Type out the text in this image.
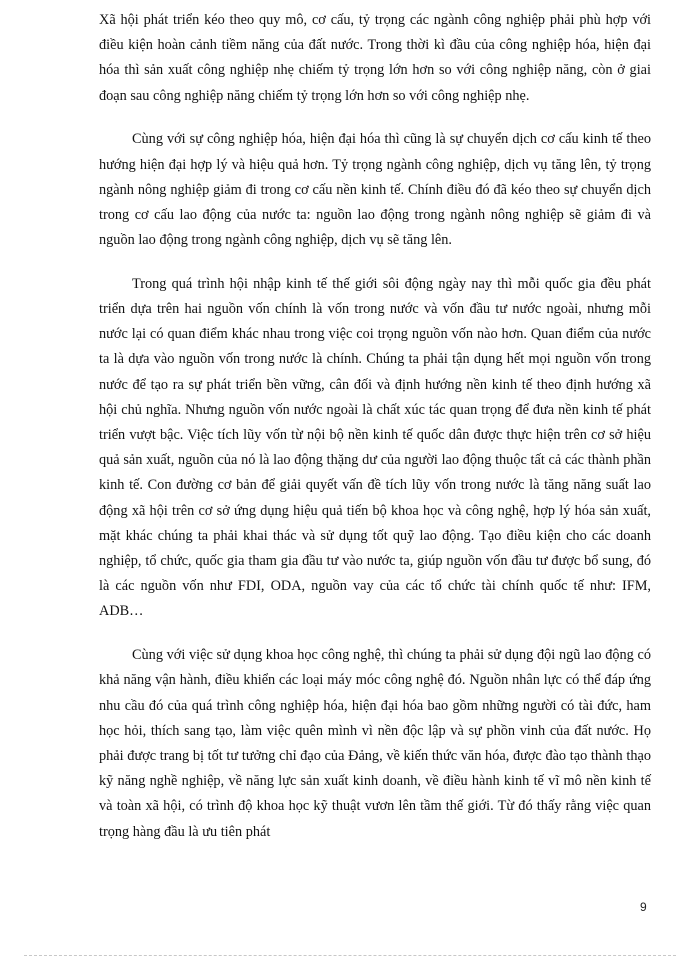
Xã hội phát triển kéo theo quy mô, cơ cấu, tỷ trọng các ngành công nghiệp phải phù hợp với điều kiện hoàn cảnh tiềm năng của đất nước. Trong thời kì đầu của công nghiệp hóa, hiện đại hóa thì sản xuất công nghiệp nhẹ chiếm tỷ trọng lớn hơn so với công nghiệp năng, còn ở giai đoạn sau công nghiệp năng chiếm tỷ trọng lớn hơn so với công nghiệp nhẹ.

Cùng với sự công nghiệp hóa, hiện đại hóa thì cũng là sự chuyển dịch cơ cấu kinh tế theo hướng hiện đại hợp lý và hiệu quả hơn. Tỷ trọng ngành công nghiệp, dịch vụ tăng lên, tỷ trọng ngành nông nghiệp giảm đi trong cơ cấu nền kinh tế. Chính điều đó đã kéo theo sự chuyển dịch trong cơ cấu lao động của nước ta: nguồn lao động trong ngành nông nghiệp sẽ giảm đi và nguồn lao động trong ngành công nghiệp, dịch vụ sẽ tăng lên.

Trong quá trình hội nhập kinh tế thế giới sôi động ngày nay thì mỗi quốc gia đều phát triển dựa trên hai nguồn vốn chính là vốn trong nước và vốn đầu tư nước ngoài, nhưng mỗi nước lại có quan điểm khác nhau trong việc coi trọng nguồn vốn nào hơn. Quan điểm của nước ta là dựa vào nguồn vốn trong nước là chính. Chúng ta phải tận dụng hết mọi nguồn vốn trong nước để tạo ra sự phát triển bền vững, cân đối và định hướng nền kinh tế theo định hướng xã hội chủ nghĩa. Nhưng nguồn vốn nước ngoài là chất xúc tác quan trọng để đưa nền kinh tế phát triển vượt bậc. Việc tích lũy vốn từ nội bộ nền kinh tế quốc dân được thực hiện trên cơ sở hiệu quả sản xuất, nguồn của nó là lao động thặng dư của người lao động thuộc tất cả các thành phần kinh tế. Con đường cơ bản để giải quyết vấn đề tích lũy vốn trong nước là tăng năng suất lao động xã hội trên cơ sở ứng dụng hiệu quả tiến bộ khoa học và công nghệ, hợp lý hóa sản xuất, mặt khác chúng ta phải khai thác và sử dụng tốt quỹ lao động. Tạo điều kiện cho các doanh nghiệp, tổ chức, quốc gia tham gia đầu tư vào nước ta, giúp nguồn vốn đầu tư được bổ sung, đó là các nguồn vốn như FDI, ODA, nguồn vay của các tổ chức tài chính quốc tế như: IFM, ADB…

Cùng với việc sử dụng khoa học công nghệ, thì chúng ta phải sử dụng đội ngũ lao động có khả năng vận hành, điều khiển các loại máy móc công nghệ đó. Nguồn nhân lực có thể đáp ứng nhu cầu đó của quá trình công nghiệp hóa, hiện đại hóa bao gồm những người có tài đức, ham học hỏi, thích sang tạo, làm việc quên mình vì nền độc lập và sự phồn vinh của đất nước. Họ phải được trang bị tốt tư tưởng chỉ đạo của Đảng, về kiến thức văn hóa, được đào tạo thành thạo kỹ năng nghề nghiệp, về năng lực sản xuất kinh doanh, về điều hành kinh tế vĩ mô nền kinh tế và toàn xã hội, có trình độ khoa học kỹ thuật vươn lên tầm thế giới. Từ đó thấy rằng việc quan trọng hàng đầu là ưu tiên phát

9
